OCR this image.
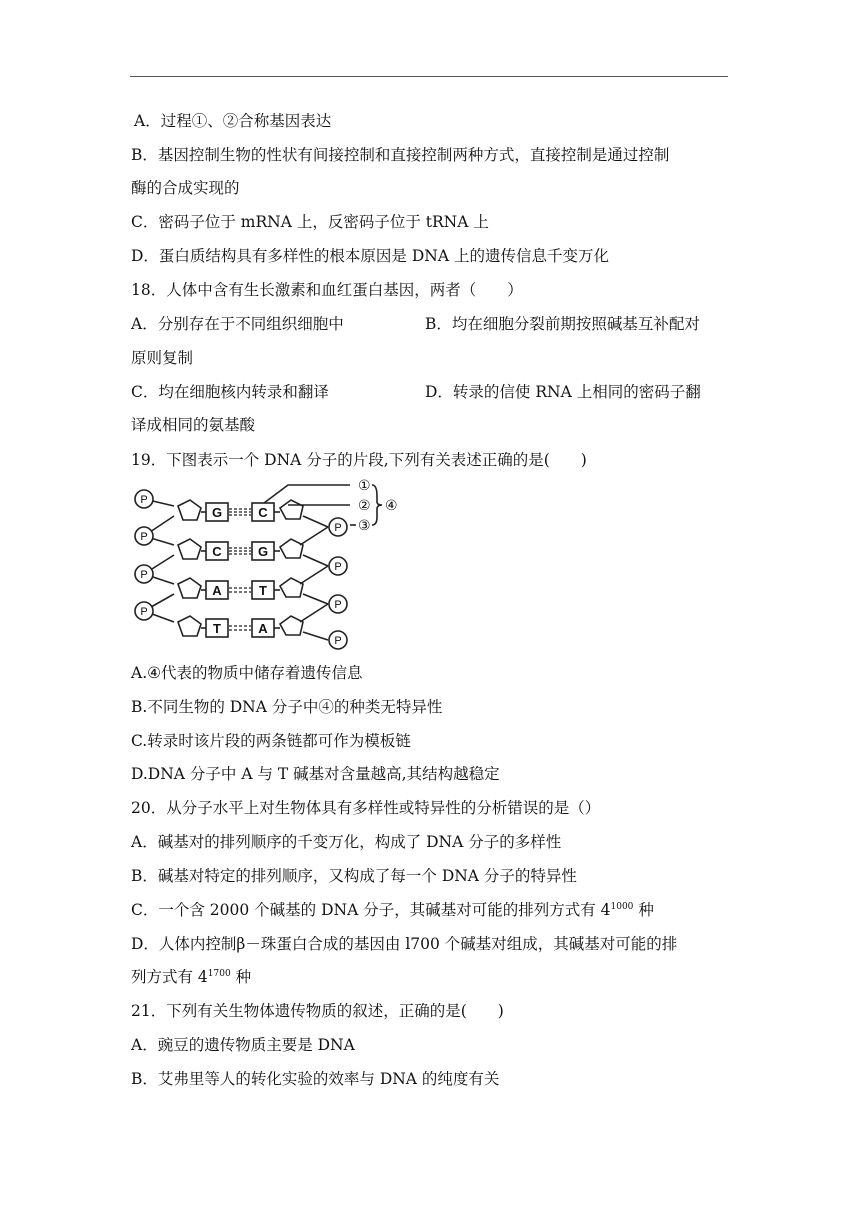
A．过程①、②合称基因表达
B．基因控制生物的性状有间接控制和直接控制两种方式，直接控制是通过控制
酶的合成实现的
C．密码子位于 mRNA 上，反密码子位于 tRNA 上
D．蛋白质结构具有多样性的根本原因是 DNA 上的遗传信息千变万化
18．人体中含有生长激素和血红蛋白基因，两者（　　）
A．分别存在于不同组织细胞中	B．均在细胞分裂前期按照碱基互补配对
原则复制
C．均在细胞核内转录和翻译	D．转录的信使 RNA 上相同的密码子翻
译成相同的氨基酸
19．下图表示一个 DNA 分子的片段,下列有关表述正确的是(　　)
P
P
P
P
P
P
P
P
G
C
A
T
C
G
T
A
①
②
③
④
A.④代表的物质中储存着遗传信息
B.不同生物的 DNA 分子中④的种类无特异性
C.转录时该片段的两条链都可作为模板链
D.DNA 分子中 A 与 T 碱基对含量越高,其结构越稳定
20．从分子水平上对生物体具有多样性或特异性的分析错误的是（）
A．碱基对的排列顺序的千变万化，构成了 DNA 分子的多样性
B．碱基对特定的排列顺序，又构成了每一个 DNA 分子的特异性
C．一个含 2000 个碱基的 DNA 分子，其碱基对可能的排列方式有 $4^{1000}$ 种
D．人体内控制β－珠蛋白合成的基因由 l700 个碱基对组成，其碱基对可能的排
列方式有 $4^{1700}$ 种
21．下列有关生物体遗传物质的叙述，正确的是(　　)
A．豌豆的遗传物质主要是 DNA
B．艾弗里等人的转化实验的效率与 DNA 的纯度有关
